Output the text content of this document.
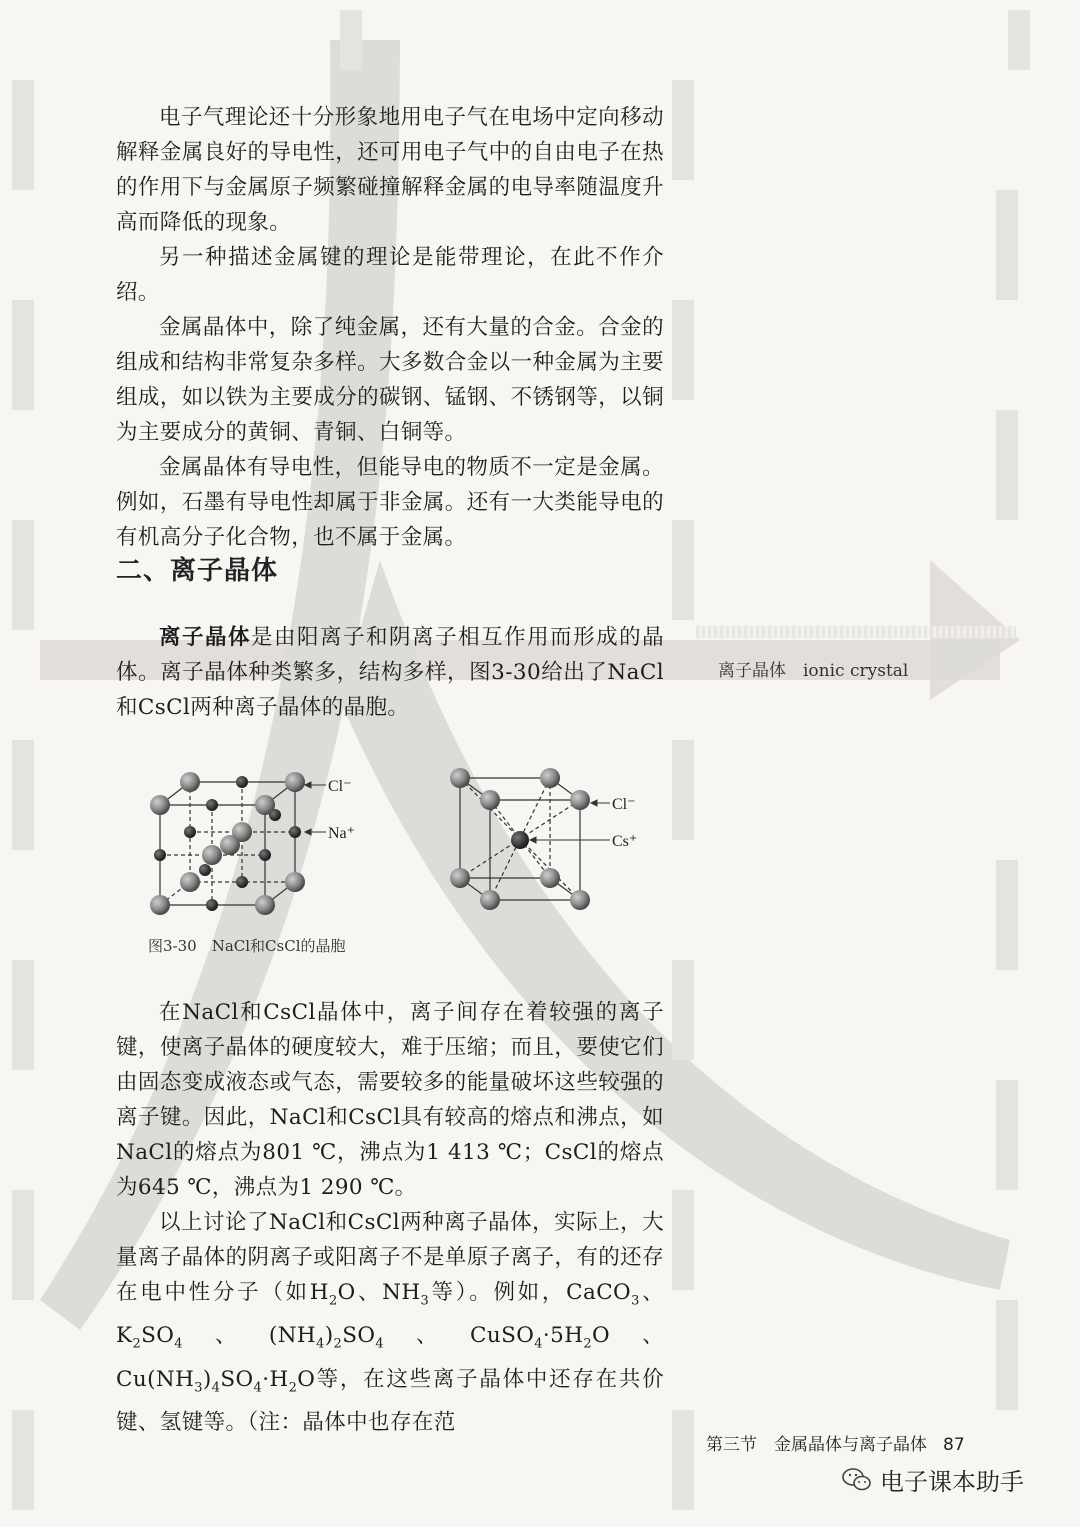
电子气理论还十分形象地用电子气在电场中定向移动解释金属良好的导电性，还可用电子气中的自由电子在热的作用下与金属原子频繁碰撞解释金属的电导率随温度升高而降低的现象。

另一种描述金属键的理论是能带理论，在此不作介绍。

金属晶体中，除了纯金属，还有大量的合金。合金的组成和结构非常复杂多样。大多数合金以一种金属为主要组成，如以铁为主要成分的碳钢、锰钢、不锈钢等，以铜为主要成分的黄铜、青铜、白铜等。

金属晶体有导电性，但能导电的物质不一定是金属。例如，石墨有导电性却属于非金属。还有一大类能导电的有机高分子化合物，也不属于金属。

二、离子晶体
离子晶体　ionic crystal

离子晶体是由阳离子和阴离子相互作用而形成的晶体。离子晶体种类繁多，结构多样，图3-30给出了NaCl和CsCl两种离子晶体的晶胞。

Cl⁻
Na⁺
Cl⁻
Cs⁺
图3-30　NaCl和CsCl的晶胞

在NaCl和CsCl晶体中，离子间存在着较强的离子键，使离子晶体的硬度较大，难于压缩；而且，要使它们由固态变成液态或气态，需要较多的能量破坏这些较强的离子键。因此，NaCl和CsCl具有较高的熔点和沸点，如NaCl的熔点为801 ℃，沸点为1 413 ℃；CsCl的熔点为645 ℃，沸点为1 290 ℃。

以上讨论了NaCl和CsCl两种离子晶体，实际上，大量离子晶体的阴离子或阳离子不是单原子离子，有的还存在电中性分子（如$H_2O$、$NH_3$等）。例如，CaCO$_3$、$K_2SO_4$、$(NH_4)_2SO_4$、$CuSO_4\cdot 5H_2O$、$Cu(NH_3)_4SO_4\cdot H_2O$等，在这些离子晶体中还存在共价键、氢键等。（注：晶体中也存在范

第三节　金属晶体与离子晶体 87
电子课本助手
